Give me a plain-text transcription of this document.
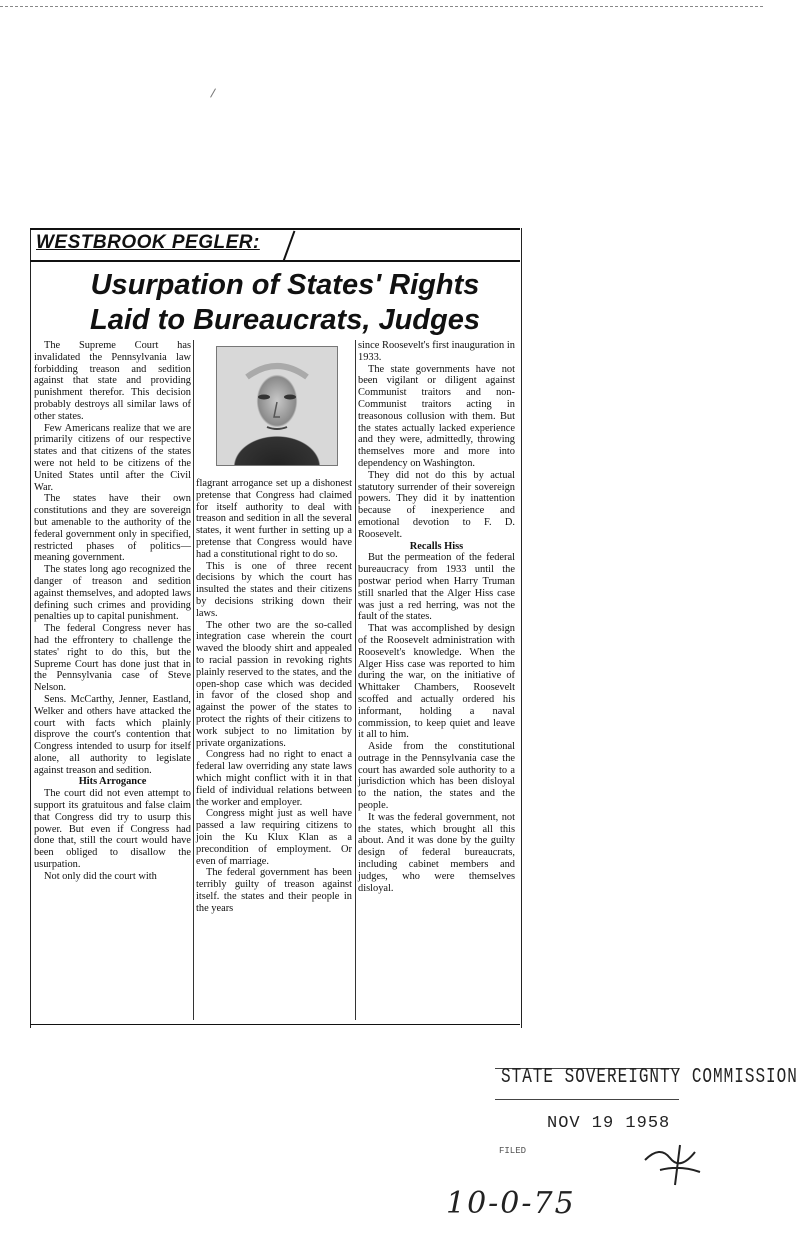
WESTBROOK PEGLER:
Usurpation of States' Rights
Laid to Bureaucrats, Judges

The Supreme Court has invalidated the Pennsylvania law forbidding treason and sedition against that state and providing punishment therefor. This decision probably destroys all similar laws of other states.

Few Americans realize that we are primarily citizens of our respective states and that citizens of the states were not held to be citizens of the United States until after the Civil War.

The states have their own constitutions and they are sovereign but amenable to the authority of the federal government only in specified, restricted phases of politics—meaning government.

The states long ago recognized the danger of treason and sedition against themselves, and adopted laws defining such crimes and providing penalties up to capital punishment.

The federal Congress never has had the effrontery to challenge the states' right to do this, but the Supreme Court has done just that in the Pennsylvania case of Steve Nelson.

Sens. McCarthy, Jenner, Eastland, Welker and others have attacked the court with facts which plainly disprove the court's contention that Congress intended to usurp for itself alone, all authority to legislate against treason and sedition.

Hits Arrogance

The court did not even attempt to support its gratuitous and false claim that Congress did try to usurp this power. But even if Congress had done that, still the court would have been obliged to disallow the usurpation.

Not only did the court with

flagrant arrogance set up a dishonest pretense that Congress had claimed for itself authority to deal with treason and sedition in all the several states, it went further in setting up a pretense that Congress would have had a constitutional right to do so.

This is one of three recent decisions by which the court has insulted the states and their citizens by decisions striking down their laws.

The other two are the so-called integration case wherein the court waved the bloody shirt and appealed to racial passion in revoking rights plainly reserved to the states, and the open-shop case which was decided in favor of the closed shop and against the power of the states to protect the rights of their citizens to work subject to no limitation by private organizations.

Congress had no right to enact a federal law overriding any state laws which might conflict with it in that field of individual relations between the worker and employer.

Congress might just as well have passed a law requiring citizens to join the Ku Klux Klan as a precondition of employment. Or even of marriage.

The federal government has been terribly guilty of treason against itself. the states and their people in the years

since Roosevelt's first inauguration in 1933.

The state governments have not been vigilant or diligent against Communist traitors and non-Communist traitors acting in treasonous collusion with them. But the states actually lacked experience and they were, admittedly, throwing themselves more and more into dependency on Washington.

They did not do this by actual statutory surrender of their sovereign powers. They did it by inattention because of inexperience and emotional devotion to F. D. Roosevelt.

Recalls Hiss

But the permeation of the federal bureaucracy from 1933 until the postwar period when Harry Truman still snarled that the Alger Hiss case was just a red herring, was not the fault of the states.

That was accomplished by design of the Roosevelt administration with Roosevelt's knowledge. When the Alger Hiss case was reported to him during the war, on the initiative of Whittaker Chambers, Roosevelt scoffed and actually ordered his informant, holding a naval commission, to keep quiet and leave it all to him.

Aside from the constitutional outrage in the Pennsylvania case the court has awarded sole authority to a jurisdiction which has been disloyal to the nation, the states and the people.

It was the federal government, not the states, which brought all this about. And it was done by the guilty design of federal bureaucrats, including cabinet members and judges, who were themselves disloyal.

STATE SOVEREIGNTY COMMISSION
NOV 19 1958
FILED
10-0-75
